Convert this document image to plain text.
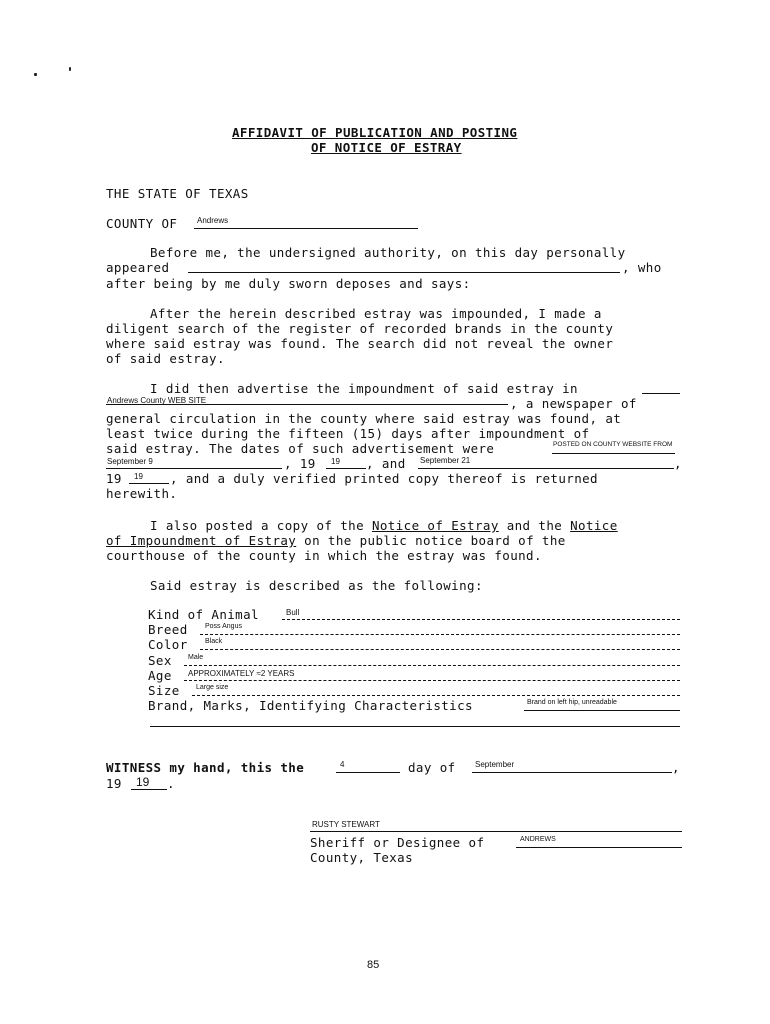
AFFIDAVIT OF PUBLICATION AND POSTING
OF NOTICE OF ESTRAY
THE STATE OF TEXAS
COUNTY OF Andrews
Before me, the undersigned authority, on this day personally
appeared	, who
after being by me duly sworn deposes and says:
After the herein described estray was impounded, I made a
diligent search of the register of recorded brands in the county
where said estray was found. The search did not reveal the owner
of said estray.
I did then advertise the impoundment of said estray in
Andrews County WEB SITE	, a newspaper of
general circulation in the county where said estray was found, at
least twice during the fifteen (15) days after impoundment of
said estray. The dates of such advertisement were	POSTED ON COUNTY WEBSITE FROM
September 9	, 19 19 , and September 21	,
19 19 , and a duly verified printed copy thereof is returned
herewith.
I also posted a copy of the Notice of Estray and the Notice
of Impoundment of Estray on the public notice board of the
courthouse of the county in which the estray was found.
Said estray is described as the following:
Kind of Animal	Bull
Breed Poss Angus
Color Black
Sex Male
Age APPROXIMATELY ≈2 YEARS
Size Large size
Brand, Marks, Identifying Characteristics	Brand on left hip, unreadable
WITNESS my hand, this the	4	day of September	,
19 19 .
RUSTY STEWART
Sheriff or Designee of	ANDREWS
County, Texas
85
